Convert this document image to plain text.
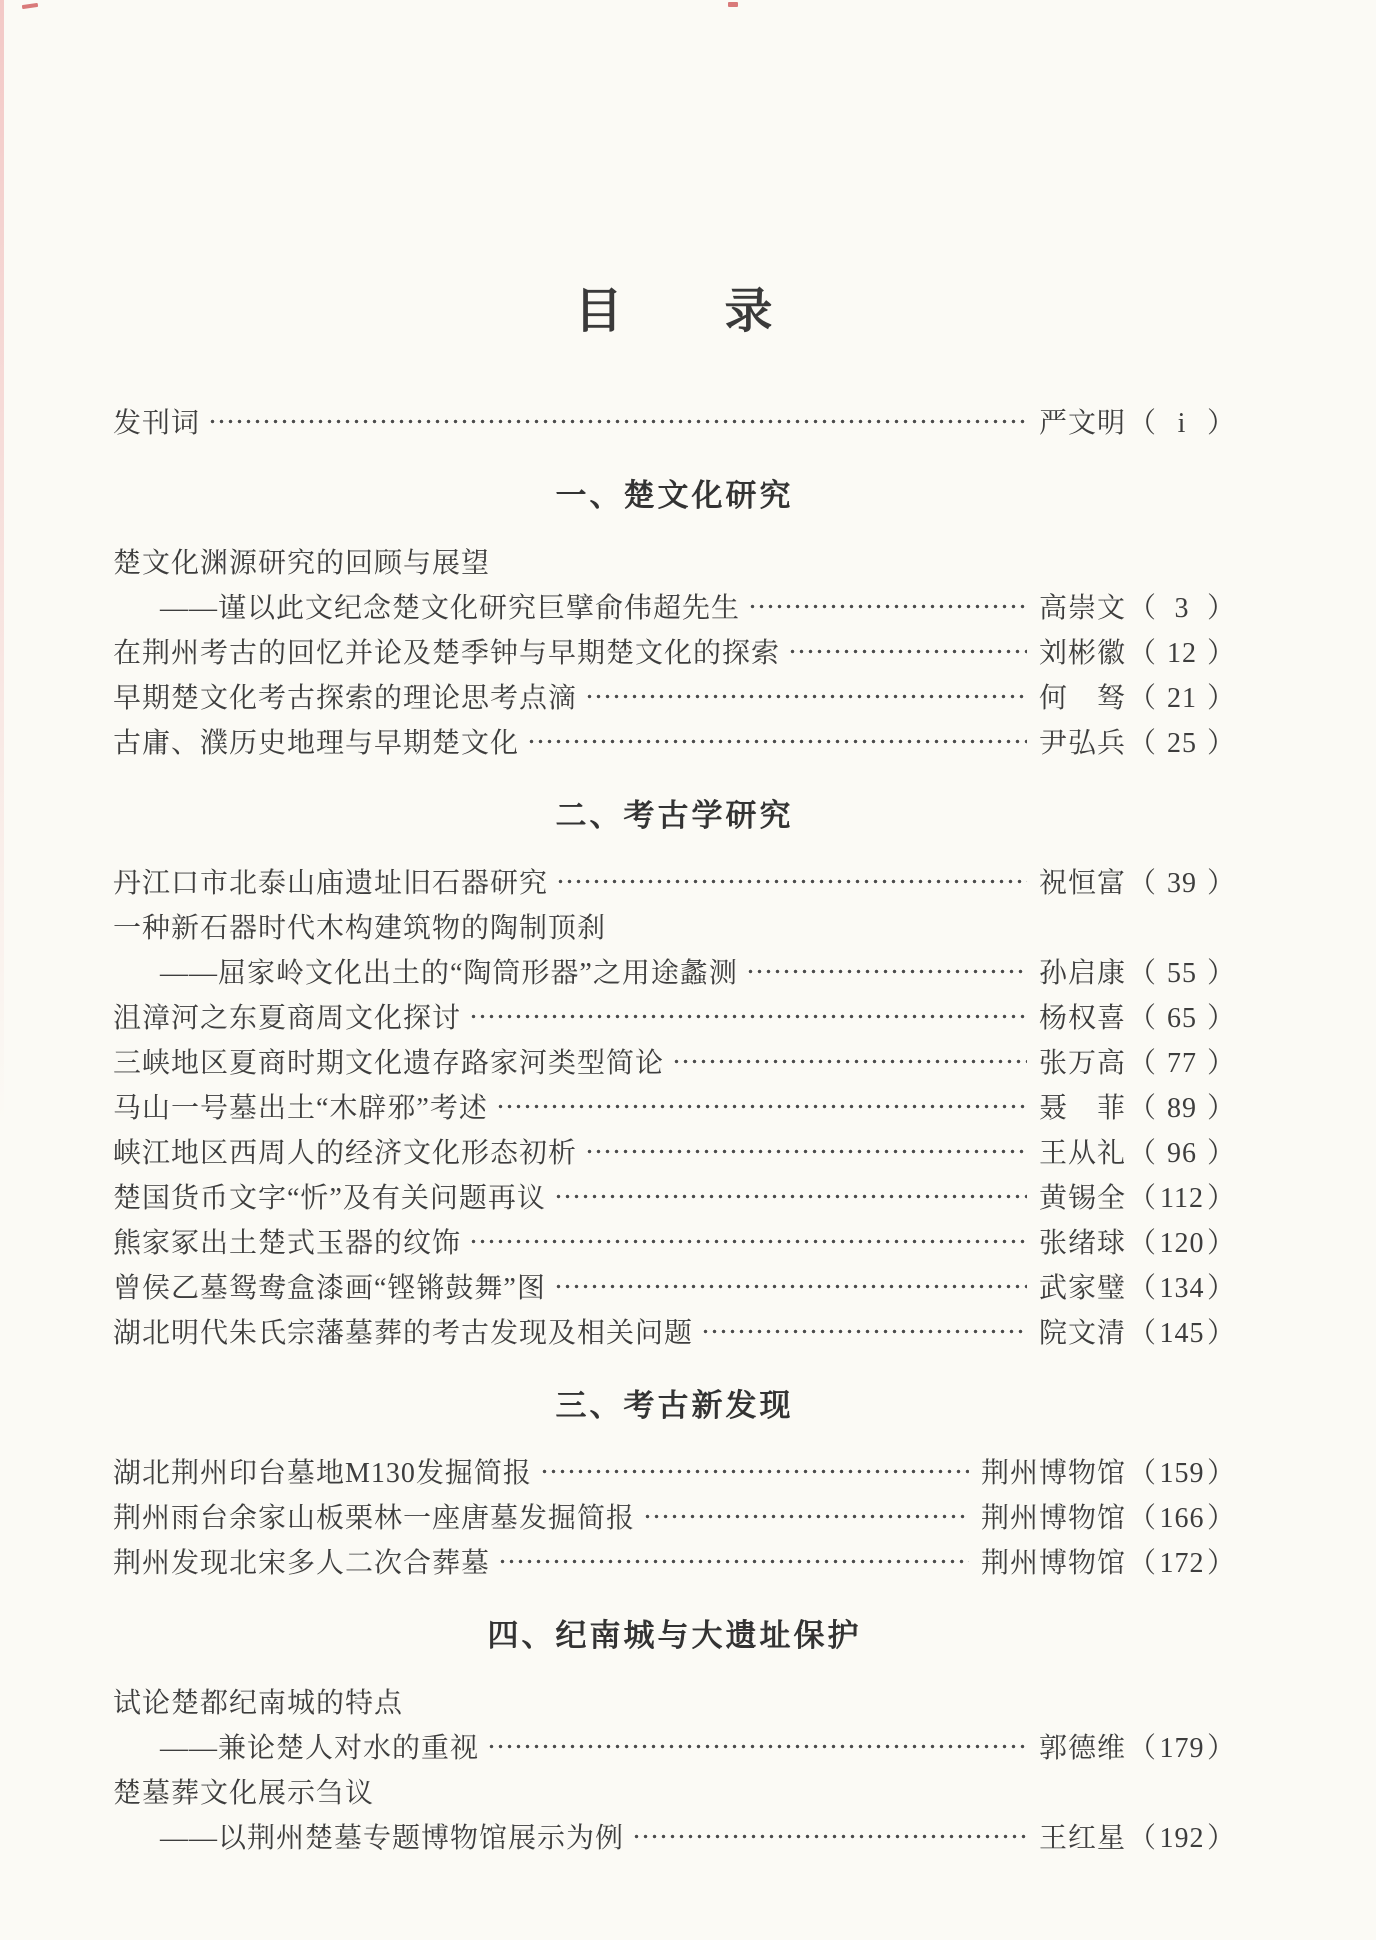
目　　录
发刊词	严文明	（ i ）
一、楚文化研究
楚文化渊源研究的回顾与展望
——谨以此文纪念楚文化研究巨擘俞伟超先生	高崇文	（ 3 ）
在荆州考古的回忆并论及楚季钟与早期楚文化的探索	刘彬徽	（ 12 ）
早期楚文化考古探索的理论思考点滴	何　驽	（ 21 ）
古庸、濮历史地理与早期楚文化	尹弘兵	（ 25 ）
二、考古学研究
丹江口市北泰山庙遗址旧石器研究	祝恒富	（ 39 ）
一种新石器时代木构建筑物的陶制顶刹
——屈家岭文化出土的“陶筒形器”之用途蠡测	孙启康	（ 55 ）
沮漳河之东夏商周文化探讨	杨权喜	（ 65 ）
三峡地区夏商时期文化遗存路家河类型简论	张万高	（ 77 ）
马山一号墓出土“木辟邪”考述	聂　菲	（ 89 ）
峡江地区西周人的经济文化形态初析	王从礼	（ 96 ）
楚国货币文字“忻”及有关问题再议	黄锡全	（ 112 ）
熊家冢出土楚式玉器的纹饰	张绪球	（ 120 ）
曾侯乙墓鸳鸯盒漆画“铿锵鼓舞”图	武家璧	（ 134 ）
湖北明代朱氏宗藩墓葬的考古发现及相关问题	院文清	（ 145 ）
三、考古新发现
湖北荆州印台墓地M130发掘简报	荆州博物馆	（ 159 ）
荆州雨台余家山板栗林一座唐墓发掘简报	荆州博物馆	（ 166 ）
荆州发现北宋多人二次合葬墓	荆州博物馆	（ 172 ）
四、纪南城与大遗址保护
试论楚都纪南城的特点
——兼论楚人对水的重视	郭德维	（ 179 ）
楚墓葬文化展示刍议
——以荆州楚墓专题博物馆展示为例	王红星	（ 192 ）
